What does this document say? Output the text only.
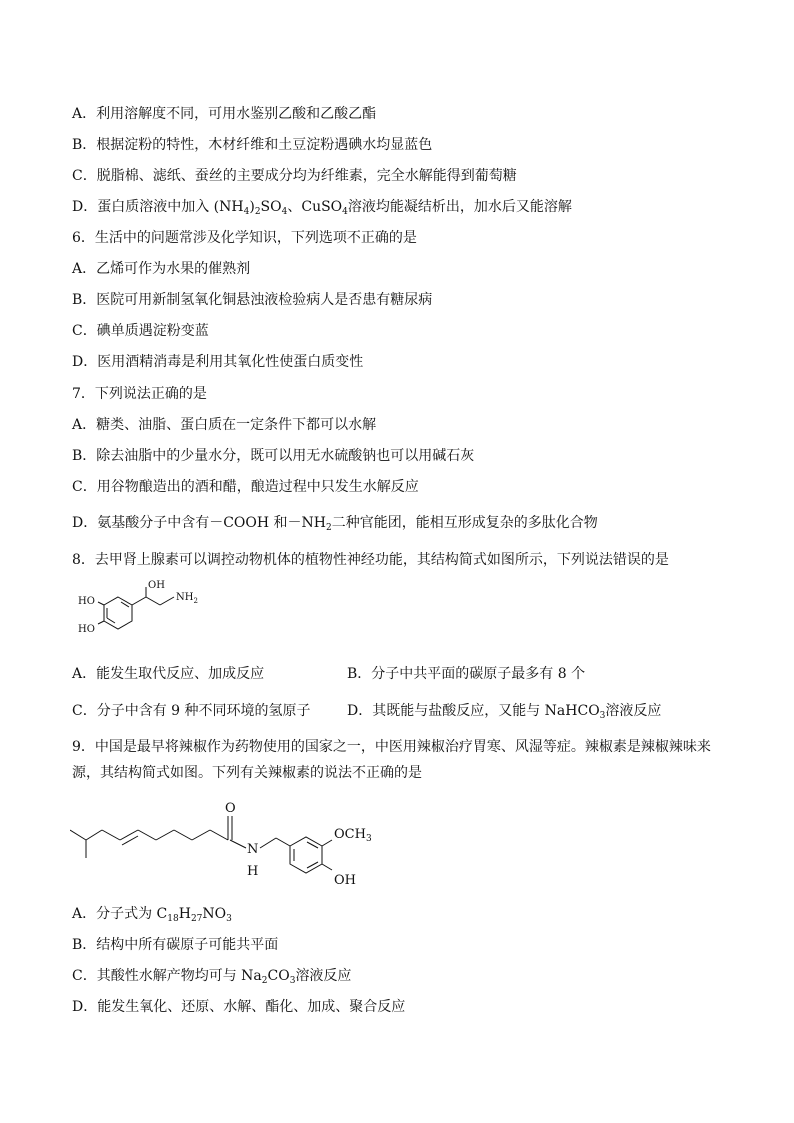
A．利用溶解度不同，可用水鉴别乙酸和乙酸乙酯
B．根据淀粉的特性，木材纤维和土豆淀粉遇碘水均显蓝色
C．脱脂棉、滤纸、蚕丝的主要成分均为纤维素，完全水解能得到葡萄糖
D．蛋白质溶液中加入 $(NH_4)_2SO_4$、CuSO$_4$溶液均能凝结析出，加水后又能溶解
6．生活中的问题常涉及化学知识，下列选项不正确的是
A．乙烯可作为水果的催熟剂
B．医院可用新制氢氧化铜悬浊液检验病人是否患有糖尿病
C．碘单质遇淀粉变蓝
D．医用酒精消毒是利用其氧化性使蛋白质变性
7．下列说法正确的是
A．糖类、油脂、蛋白质在一定条件下都可以水解
B．除去油脂中的少量水分，既可以用无水硫酸钠也可以用碱石灰
C．用谷物酿造出的酒和醋，酿造过程中只发生水解反应
D．氨基酸分子中含有－COOH 和$-NH_2$二种官能团，能相互形成复杂的多肽化合物
8．去甲肾上腺素可以调控动物机体的植物性神经功能，其结构简式如图所示，下列说法错误的是
OH
HO
HO
$NH_2$
A．能发生取代反应、加成反应	B．分子中共平面的碳原子最多有 8 个
C．分子中含有 9 种不同环境的氢原子	D．其既能与盐酸反应，又能与 NaHCO$_3$溶液反应
9．中国是最早将辣椒作为药物使用的国家之一，中医用辣椒治疗胃寒、风湿等症。辣椒素是辣椒辣味来源，其结构简式如图。下列有关辣椒素的说法不正确的是
O
N
H
$OCH_3$
OH
A．分子式为 $C_{18}H_{27}NO_3$
B．结构中所有碳原子可能共平面
C．其酸性水解产物均可与 $Na_2CO_3$溶液反应
D．能发生氧化、还原、水解、酯化、加成、聚合反应
